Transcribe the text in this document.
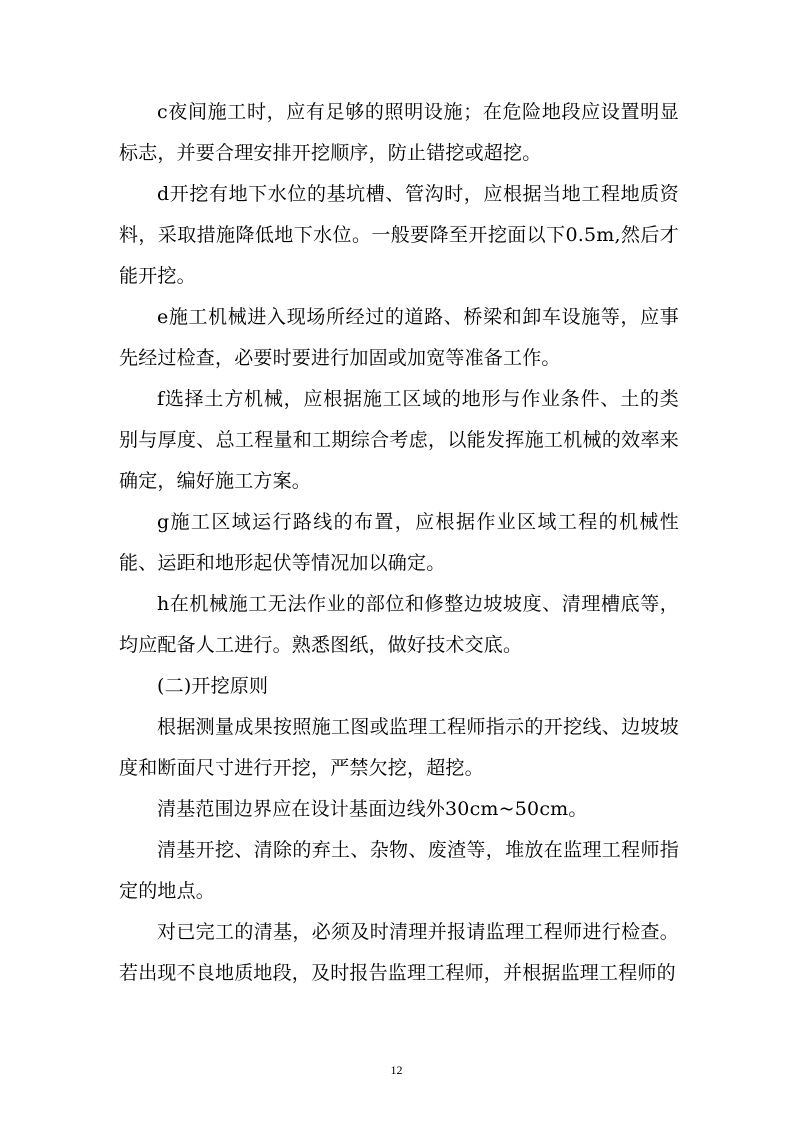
c夜间施工时，应有足够的照明设施；在危险地段应设置明显标志，并要合理安排开挖顺序，防止错挖或超挖。

d开挖有地下水位的基坑槽、管沟时，应根据当地工程地质资料，采取措施降低地下水位。一般要降至开挖面以下0.5m,然后才能开挖。

e施工机械进入现场所经过的道路、桥梁和卸车设施等，应事先经过检查，必要时要进行加固或加宽等准备工作。

f选择土方机械，应根据施工区域的地形与作业条件、土的类别与厚度、总工程量和工期综合考虑，以能发挥施工机械的效率来确定，编好施工方案。

g施工区域运行路线的布置，应根据作业区域工程的机械性能、运距和地形起伏等情况加以确定。

h在机械施工无法作业的部位和修整边坡坡度、清理槽底等，均应配备人工进行。熟悉图纸，做好技术交底。

(二)开挖原则

根据测量成果按照施工图或监理工程师指示的开挖线、边坡坡度和断面尺寸进行开挖，严禁欠挖，超挖。

清基范围边界应在设计基面边线外30cm~50cm。

清基开挖、清除的弃土、杂物、废渣等，堆放在监理工程师指定的地点。

对已完工的清基，必须及时清理并报请监理工程师进行检查。若出现不良地质地段，及时报告监理工程师，并根据监理工程师的

12
